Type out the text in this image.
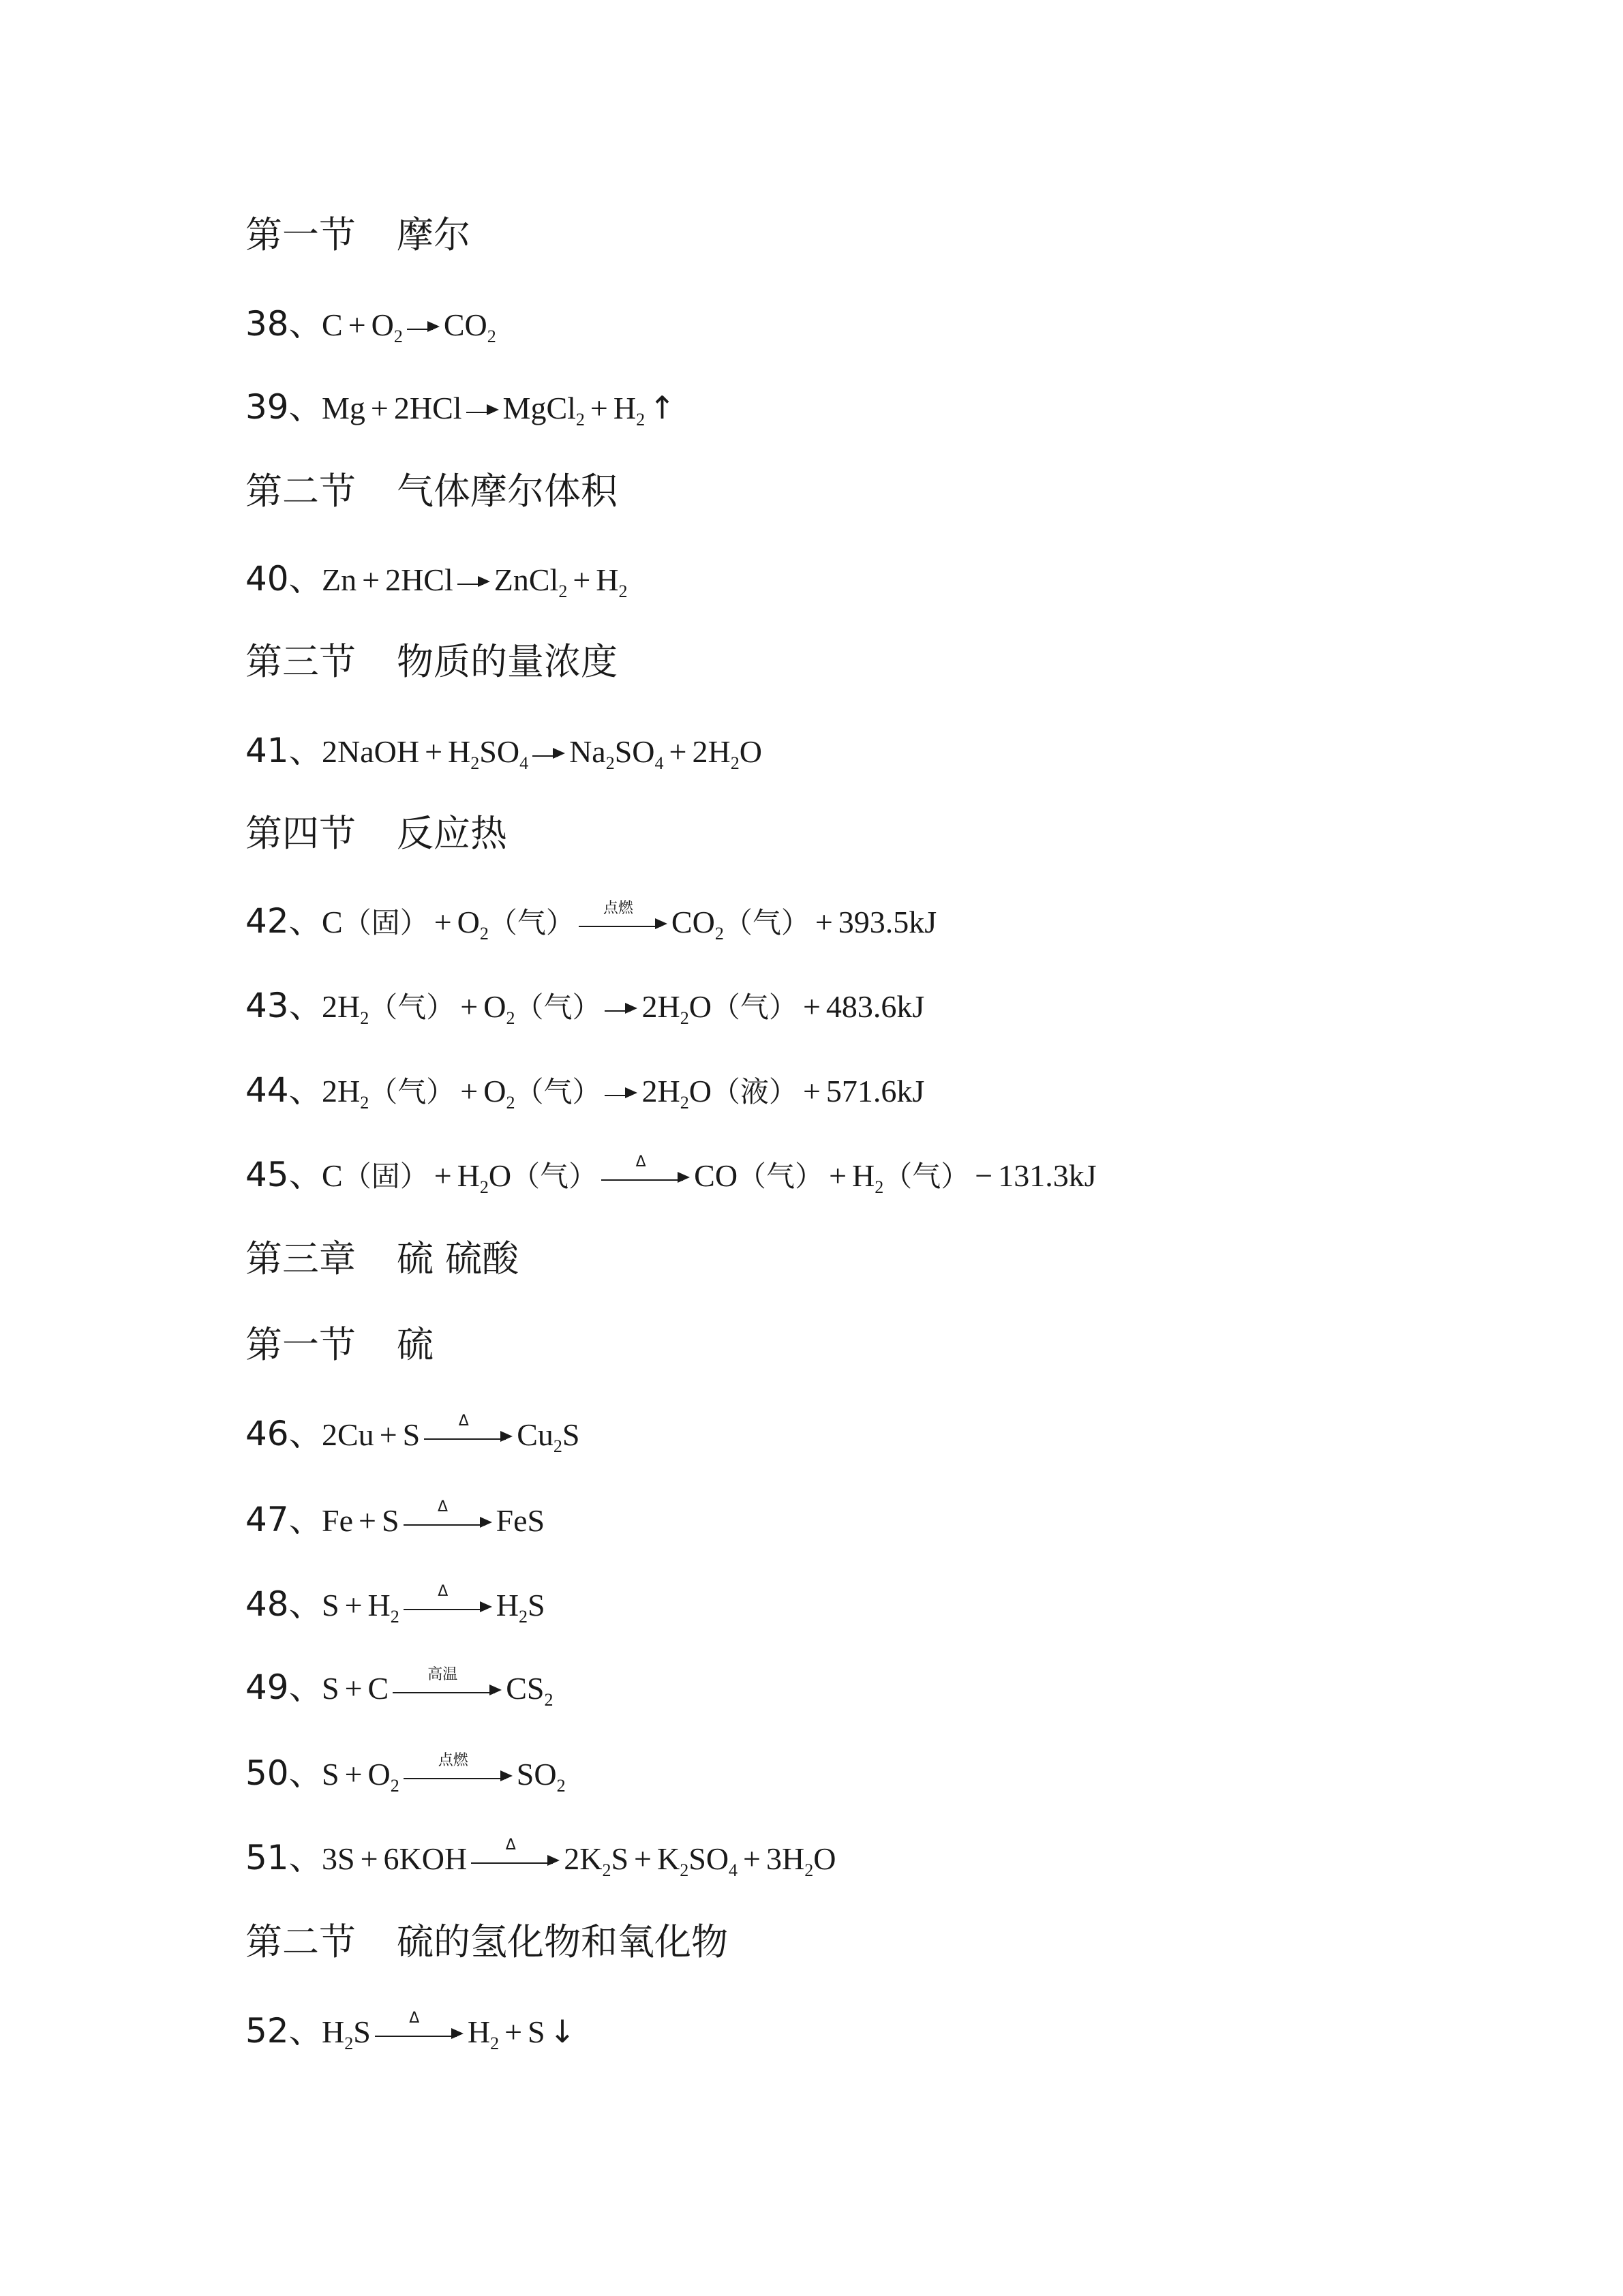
第一节 摩尔
38、$C + O_2$ $CO_2$
39、Mg + 2HCl MgCl$_2$ + $H_2$ ↑
第二节 气体摩尔体积
40、Zn + 2HCl ZnCl$_2$ + $H_2$
第三节 物质的量浓度
41、2NaOH + $H_2SO_4$ $Na_2SO_4 + 2H_2O$
第四节 反应热
42、C（固） + $O_2$（气）	点燃	$CO_2$（气） + 393.5kJ
43、$2H_2$（气） + $O_2$（气） $2H_2O$（气） + 483.6kJ
44、$2H_2$（气） + $O_2$（气） $2H_2O$（液） + 571.6kJ
45、C（固） + $H_2O$（气）	Δ	CO（气） + $H_2$（气） − 131.3kJ
第三章 硫 硫酸
第一节 硫
46、2Cu + S	Δ	$Cu_2S$
47、Fe + S	Δ	FeS
48、$S + H_2$
Δ	$H_2S$
49、S + C	高温	$CS_2$
50、$S + O_2$
点燃	$SO_2$
51、3S + 6KOH	Δ	$2K_2S + K_2SO_4 + 3H_2O$
第二节 硫的氢化物和氧化物
52、$H_2S$	Δ	$H_2 + S$ ↓
